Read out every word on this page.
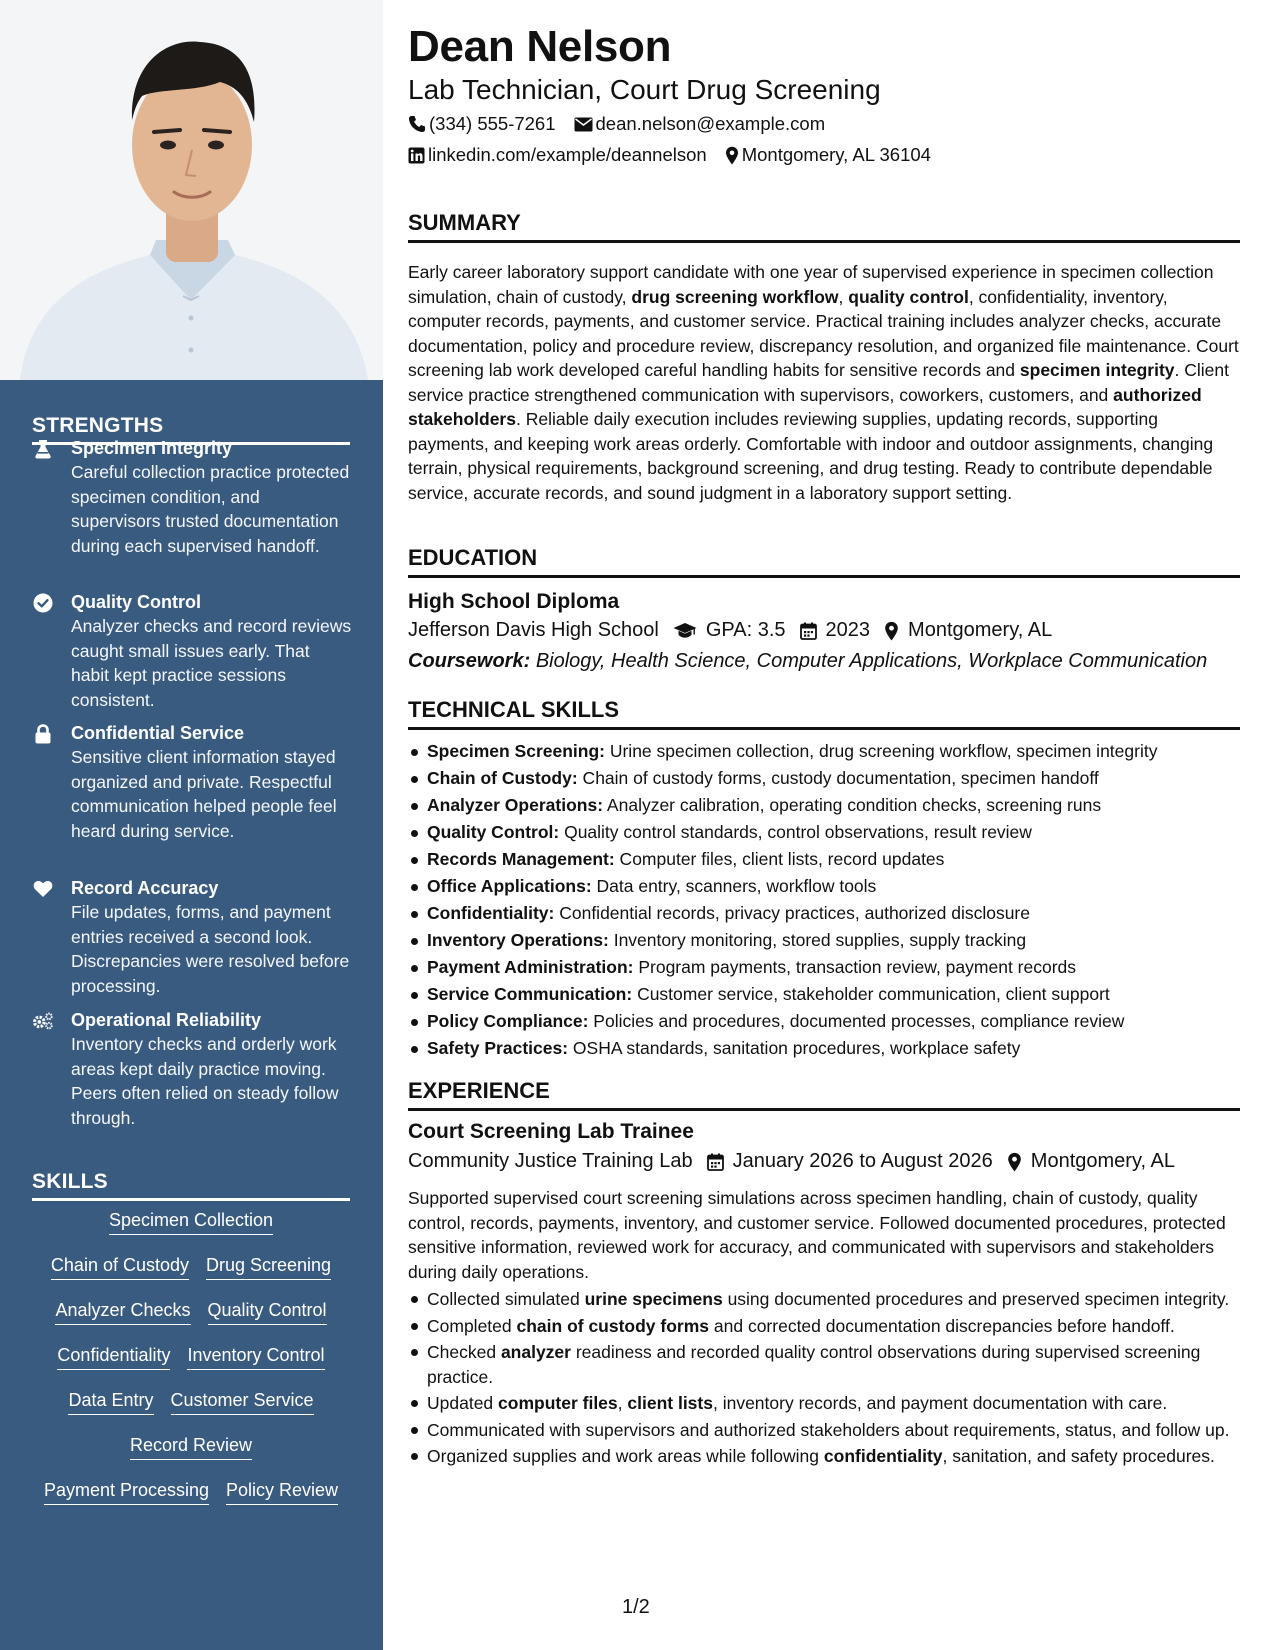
STRENGTHS
Specimen Integrity
Careful collection practice protected specimen condition, and supervisors trusted documentation during each supervised handoff.
Quality Control
Analyzer checks and record reviews caught small issues early. That habit kept practice sessions consistent.
Confidential Service
Sensitive client information stayed organized and private. Respectful communication helped people feel heard during service.
Record Accuracy
File updates, forms, and payment entries received a second look. Discrepancies were resolved before processing.
Operational Reliability
Inventory checks and orderly work areas kept daily practice moving. Peers often relied on steady follow through.
SKILLS
Specimen Collection
Chain of Custody Drug Screening
Analyzer Checks Quality Control
Confidentiality Inventory Control
Data Entry Customer Service
Record Review
Payment Processing Policy Review
Dean Nelson
Lab Technician, Court Drug Screening
(334) 555-7261 dean.nelson@example.com
linkedin.com/example/deannelson Montgomery, AL 36104
SUMMARY
Early career laboratory support candidate with one year of supervised experience in specimen collection simulation, chain of custody, drug screening workflow, quality control, confidentiality, inventory, computer records, payments, and customer service. Practical training includes analyzer checks, accurate documentation, policy and procedure review, discrepancy resolution, and organized file maintenance. Court screening lab work developed careful handling habits for sensitive records and specimen integrity. Client service practice strengthened communication with supervisors, coworkers, customers, and authorized stakeholders. Reliable daily execution includes reviewing supplies, updating records, supporting payments, and keeping work areas orderly. Comfortable with indoor and outdoor assignments, changing terrain, physical requirements, background screening, and drug testing. Ready to contribute dependable service, accurate records, and sound judgment in a laboratory support setting.
EDUCATION
High School Diploma
Jefferson Davis High School GPA: 3.5 2023 Montgomery, AL
Coursework: Biology, Health Science, Computer Applications, Workplace Communication
TECHNICAL SKILLS
Specimen Screening: Urine specimen collection, drug screening workflow, specimen integrity
Chain of Custody: Chain of custody forms, custody documentation, specimen handoff
Analyzer Operations: Analyzer calibration, operating condition checks, screening runs
Quality Control: Quality control standards, control observations, result review
Records Management: Computer files, client lists, record updates
Office Applications: Data entry, scanners, workflow tools
Confidentiality: Confidential records, privacy practices, authorized disclosure
Inventory Operations: Inventory monitoring, stored supplies, supply tracking
Payment Administration: Program payments, transaction review, payment records
Service Communication: Customer service, stakeholder communication, client support
Policy Compliance: Policies and procedures, documented processes, compliance review
Safety Practices: OSHA standards, sanitation procedures, workplace safety
EXPERIENCE
Court Screening Lab Trainee
Community Justice Training Lab January 2026 to August 2026 Montgomery, AL
Supported supervised court screening simulations across specimen handling, chain of custody, quality control, records, payments, inventory, and customer service. Followed documented procedures, protected sensitive information, reviewed work for accuracy, and communicated with supervisors and stakeholders during daily operations.
Collected simulated urine specimens using documented procedures and preserved specimen integrity.
Completed chain of custody forms and corrected documentation discrepancies before handoff.
Checked analyzer readiness and recorded quality control observations during supervised screening practice.
Updated computer files, client lists, inventory records, and payment documentation with care.
Communicated with supervisors and authorized stakeholders about requirements, status, and follow up.
Organized supplies and work areas while following confidentiality, sanitation, and safety procedures.
1/2
